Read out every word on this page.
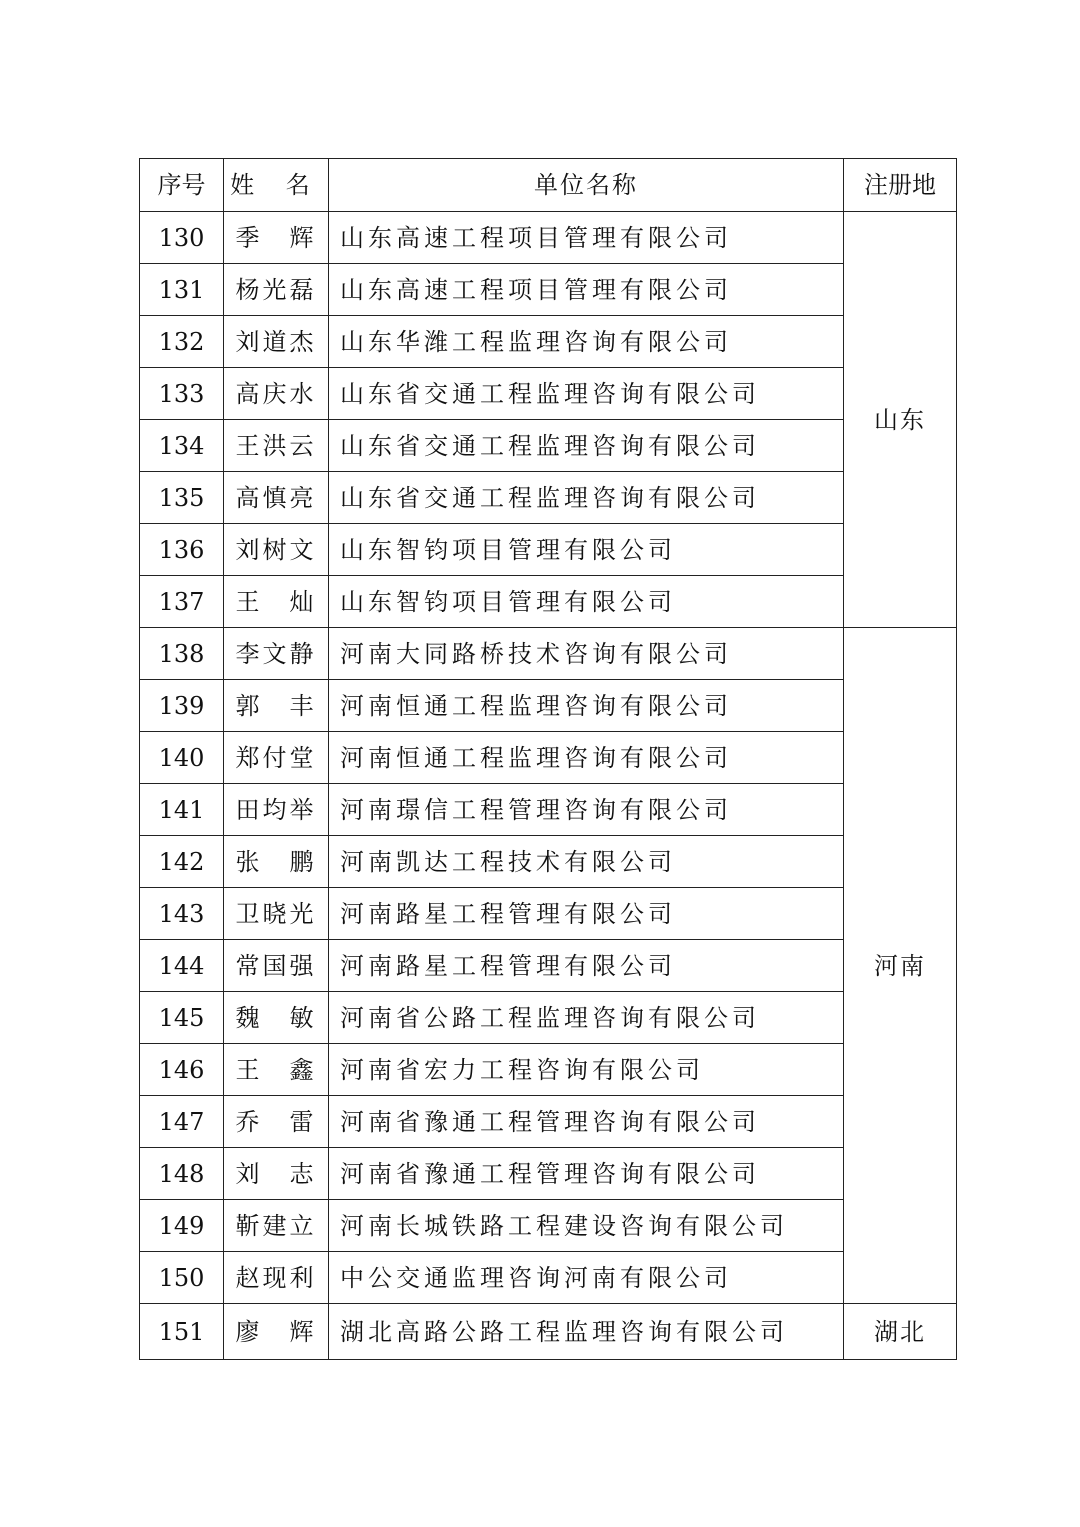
序号	姓 名	单位名称	注册地
130	季　辉	山东高速工程项目管理有限公司	山东
131	杨光磊	山东高速工程项目管理有限公司	
132	刘道杰	山东华潍工程监理咨询有限公司	
133	高庆水	山东省交通工程监理咨询有限公司	
134	王洪云	山东省交通工程监理咨询有限公司	
135	高慎亮	山东省交通工程监理咨询有限公司	
136	刘树文	山东智钧项目管理有限公司	
137	王　灿	山东智钧项目管理有限公司	
138	李文静	河南大同路桥技术咨询有限公司	河南
139	郭　丰	河南恒通工程监理咨询有限公司	
140	郑付堂	河南恒通工程监理咨询有限公司	
141	田均举	河南璟信工程管理咨询有限公司	
142	张　鹏	河南凯达工程技术有限公司	
143	卫晓光	河南路星工程管理有限公司	
144	常国强	河南路星工程管理有限公司	
145	魏　敏	河南省公路工程监理咨询有限公司	
146	王　鑫	河南省宏力工程咨询有限公司	
147	乔　雷	河南省豫通工程管理咨询有限公司	
148	刘　志	河南省豫通工程管理咨询有限公司	
149	靳建立	河南长城铁路工程建设咨询有限公司	
150	赵现利	中公交通监理咨询河南有限公司	
151	廖　辉	湖北高路公路工程监理咨询有限公司	湖北
